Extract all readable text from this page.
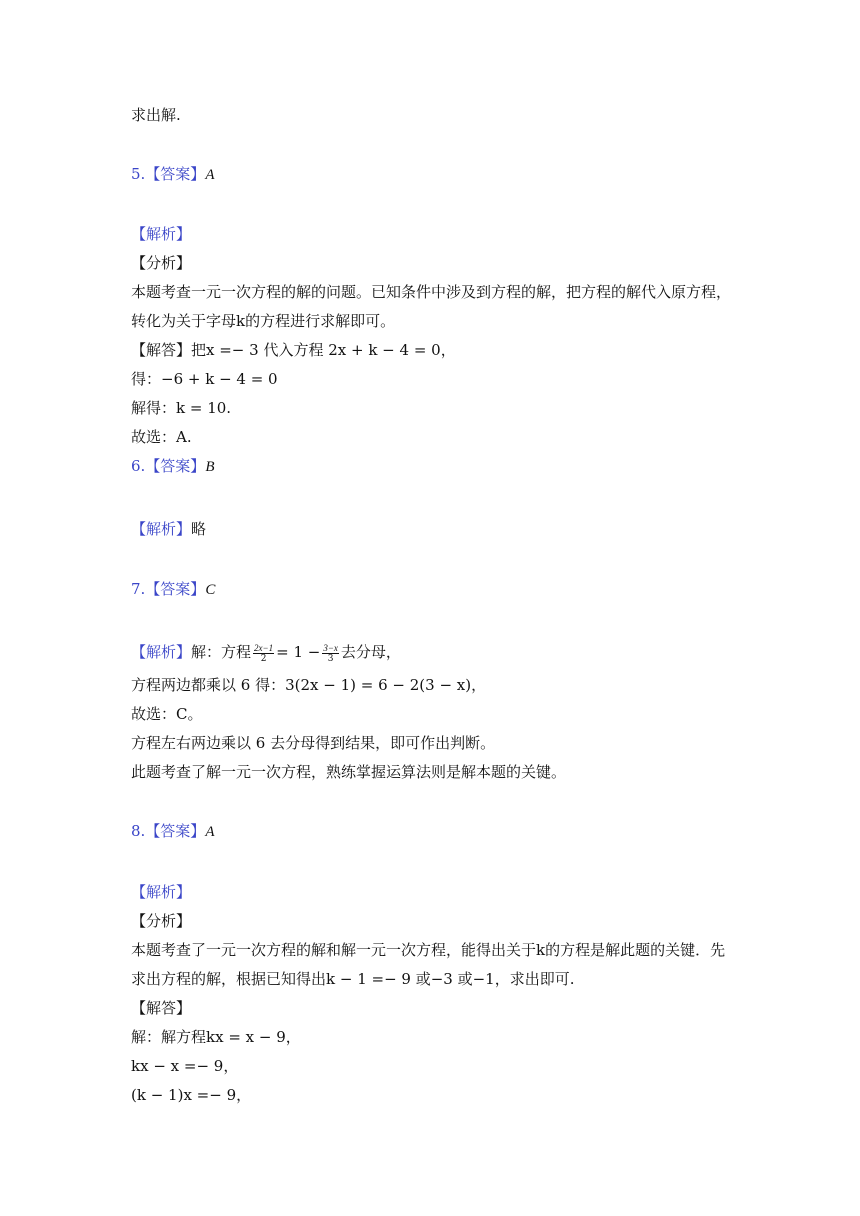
求出解.
5.【答案】A
【解析】
【分析】
本题考查一元一次方程的解的问题。已知条件中涉及到方程的解，把方程的解代入原方程，
转化为关于字母k的方程进行求解即可。
【解答】把x =− 3 代入方程 2x + k − 4 = 0，
得：−6 + k − 4 = 0
解得：k = 10.
故选：A.
6.【答案】B
【解析】略
7.【答案】C
【解析】解：方程 $\frac{2x-1}{2} = 1 - \frac{3-x}{3}$ 去分母，
方程两边都乘以 6 得：3(2x − 1) = 6 − 2(3 − x)，
故选：C。
方程左右两边乘以 6 去分母得到结果，即可作出判断。
此题考查了解一元一次方程，熟练掌握运算法则是解本题的关键。
8.【答案】A
【解析】
【分析】
本题考查了一元一次方程的解和解一元一次方程，能得出关于k的方程是解此题的关键．先
求出方程的解，根据已知得出k − 1 =− 9 或−3 或−1，求出即可.
【解答】
解：解方程kx = x − 9，
kx − x =− 9，
(k − 1)x =− 9，
